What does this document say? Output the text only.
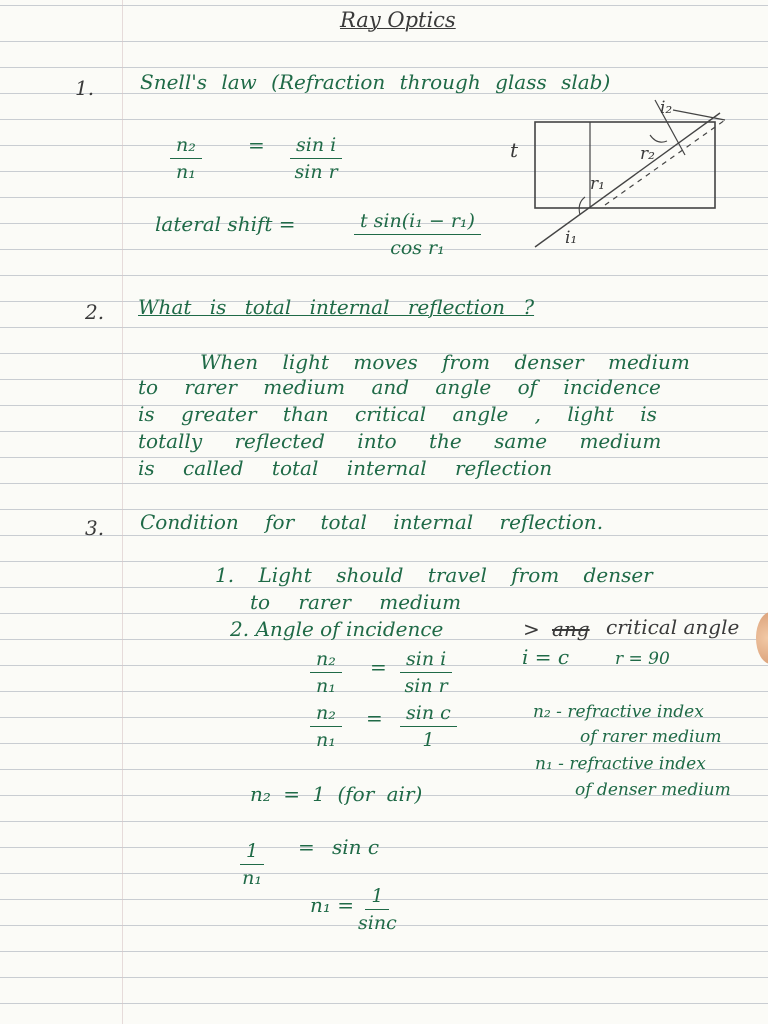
Ray Optics
1. Snell's law (Refraction through glass slab)
$\frac{\text{n₂}}{\text{n₁}} = \frac{\text{sin i}}{\text{sin r}}$
lateral shift =	$\frac{\text{t sin(i₁ − r₁)}}{\text{cos r₁}}$
t
i₂
r₂
r₁
i₁
2. What is total internal reflection ?
When light moves from denser medium
to rarer medium and angle of incidence
is greater than critical angle , light is
totally reflected into the same medium
is called total internal reflection
3. Condition for total internal reflection.
1. Light should travel from denser
to rarer medium
2. Angle of incidence	> ang critical angle
$\frac{\text{n₂}}{\text{n₁}} = \frac{\text{sin i}}{\text{sin r}}$	i = c	r = 90
$\frac{\text{n₂}}{\text{n₁}} = \frac{\text{sin c}}{1}$	n₂ - refractive index
of rarer medium
n₁ - refractive index
of denser medium
n₂ = 1 (for air)
$\frac{1}{\text{n₁}} = \sin c$
$n_1 = \frac{1}{\sin c}$
